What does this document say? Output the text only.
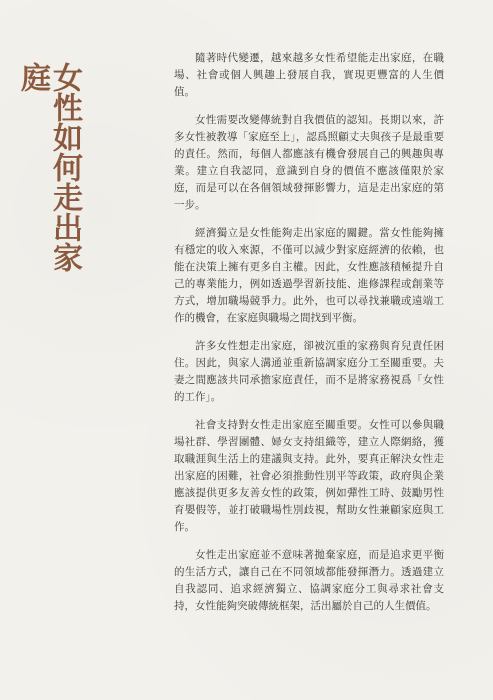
女性如何走出家庭

隨著時代變遷，越來越多女性希望能走出家庭，在職場、社會或個人興趣上發展自我，實現更豐富的人生價值。

女性需要改變傳統對自我價值的認知。長期以來，許多女性被教導「家庭至上」，認爲照顧丈夫與孩子是最重要的責任。然而，每個人都應該有機會發展自己的興趣與專業。建立自我認同，意識到自身的價值不應該僅限於家庭，而是可以在各個領域發揮影響力，這是走出家庭的第一步。

經濟獨立是女性能夠走出家庭的關鍵。當女性能夠擁有穩定的收入來源，不僅可以減少對家庭經濟的依賴，也能在決策上擁有更多自主權。因此，女性應該積極提升自己的專業能力，例如透過學習新技能、進修課程或創業等方式，增加職場競爭力。此外，也可以尋找兼職或遠端工作的機會，在家庭與職場之間找到平衡。

許多女性想走出家庭，卻被沉重的家務與育兒責任困住。因此，與家人溝通並重新協調家庭分工至關重要。夫妻之間應該共同承擔家庭責任，而不是將家務視爲「女性的工作」。

社會支持對女性走出家庭至關重要。女性可以參與職場社群、學習團體、婦女支持組織等，建立人際網絡，獲取職涯與生活上的建議與支持。此外，要真正解決女性走出家庭的困難，社會必須推動性別平等政策，政府與企業應該提供更多友善女性的政策，例如彈性工時、鼓勵男性育嬰假等，並打破職場性別歧視，幫助女性兼顧家庭與工作。

女性走出家庭並不意味著拋棄家庭，而是追求更平衡的生活方式，讓自己在不同領域都能發揮潛力。透過建立自我認同、追求經濟獨立、協調家庭分工與尋求社會支持，女性能夠突破傳統框架，活出屬於自己的人生價值。
